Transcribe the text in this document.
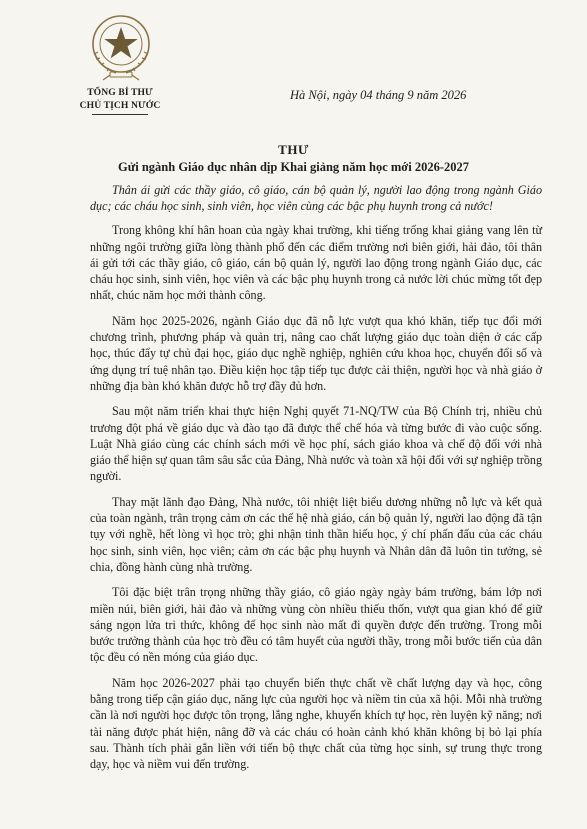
TỔNG BÍ THƯ
CHỦ TỊCH NƯỚC
Hà Nội, ngày 04 tháng 9 năm 2026
THƯ
Gửi ngành Giáo dục nhân dịp Khai giảng năm học mới 2026-2027

Thân ái gửi các thầy giáo, cô giáo, cán bộ quản lý, người lao động trong ngành Giáo dục; các cháu học sinh, sinh viên, học viên cùng các bậc phụ huynh trong cả nước!

Trong không khí hân hoan của ngày khai trường, khi tiếng trống khai giảng vang lên từ những ngôi trường giữa lòng thành phố đến các điểm trường nơi biên giới, hải đảo, tôi thân ái gửi tới các thầy giáo, cô giáo, cán bộ quản lý, người lao động trong ngành Giáo dục, các cháu học sinh, sinh viên, học viên và các bậc phụ huynh trong cả nước lời chúc mừng tốt đẹp nhất, chúc năm học mới thành công.

Năm học 2025-2026, ngành Giáo dục đã nỗ lực vượt qua khó khăn, tiếp tục đổi mới chương trình, phương pháp và quản trị, nâng cao chất lượng giáo dục toàn diện ở các cấp học, thúc đẩy tự chủ đại học, giáo dục nghề nghiệp, nghiên cứu khoa học, chuyển đổi số và ứng dụng trí tuệ nhân tạo. Điều kiện học tập tiếp tục được cải thiện, người học và nhà giáo ở những địa bàn khó khăn được hỗ trợ đầy đủ hơn.

Sau một năm triển khai thực hiện Nghị quyết 71-NQ/TW của Bộ Chính trị, nhiều chủ trương đột phá về giáo dục và đào tạo đã được thể chế hóa và từng bước đi vào cuộc sống. Luật Nhà giáo cùng các chính sách mới về học phí, sách giáo khoa và chế độ đối với nhà giáo thể hiện sự quan tâm sâu sắc của Đảng, Nhà nước và toàn xã hội đối với sự nghiệp trồng người.

Thay mặt lãnh đạo Đảng, Nhà nước, tôi nhiệt liệt biểu dương những nỗ lực và kết quả của toàn ngành, trân trọng cảm ơn các thế hệ nhà giáo, cán bộ quản lý, người lao động đã tận tụy với nghề, hết lòng vì học trò; ghi nhận tinh thần hiếu học, ý chí phấn đấu của các cháu học sinh, sinh viên, học viên; cảm ơn các bậc phụ huynh và Nhân dân đã luôn tin tưởng, sẻ chia, đồng hành cùng nhà trường.

Tôi đặc biệt trân trọng những thầy giáo, cô giáo ngày ngày bám trường, bám lớp nơi miền núi, biên giới, hải đảo và những vùng còn nhiều thiếu thốn, vượt qua gian khó để giữ sáng ngọn lửa tri thức, không để học sinh nào mất đi quyền được đến trường. Trong mỗi bước trưởng thành của học trò đều có tâm huyết của người thầy, trong mỗi bước tiến của dân tộc đều có nền móng của giáo dục.

Năm học 2026-2027 phải tạo chuyển biến thực chất về chất lượng dạy và học, công bằng trong tiếp cận giáo dục, năng lực của người học và niềm tin của xã hội. Mỗi nhà trường cần là nơi người học được tôn trọng, lắng nghe, khuyến khích tự học, rèn luyện kỹ năng; nơi tài năng được phát hiện, nâng đỡ và các cháu có hoàn cảnh khó khăn không bị bỏ lại phía sau. Thành tích phải gắn liền với tiến bộ thực chất của từng học sinh, sự trung thực trong dạy, học và niềm vui đến trường.
